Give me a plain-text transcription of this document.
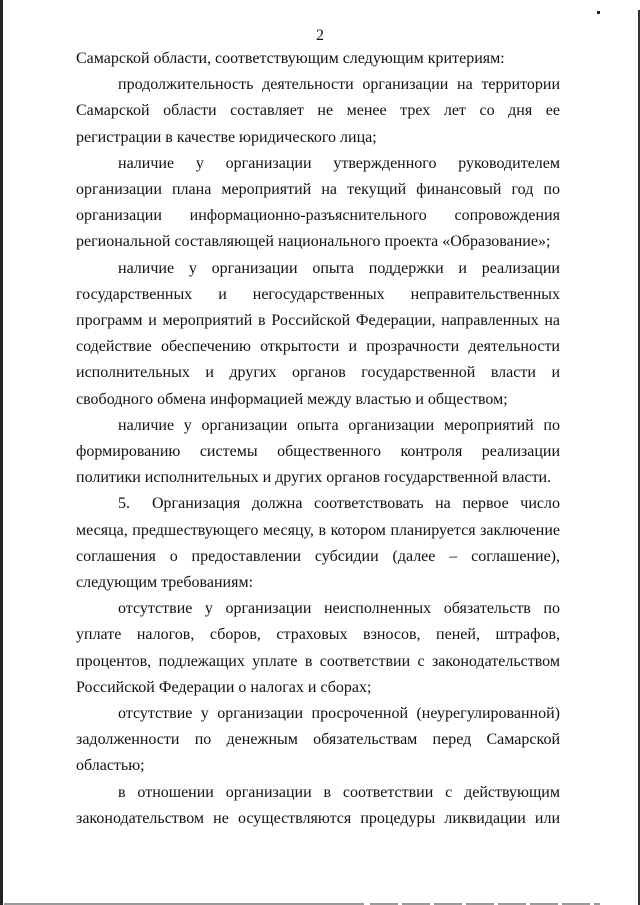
2

Самарской области, соответствующим следующим критериям:

продолжительность деятельности организации на территории Самарской области составляет не менее трех лет со дня ее регистрации в качестве юридического лица;

наличие у организации утвержденного руководителем организации плана мероприятий на текущий финансовый год по организации информационно-разъяснительного сопровождения региональной составляющей национального проекта «Образование»;

наличие у организации опыта поддержки и реализации государственных и негосударственных неправительственных программ и мероприятий в Российской Федерации, направленных на содействие обеспечению открытости и прозрачности деятельности исполнительных и других органов государственной власти и свободного обмена информацией между властью и обществом;

наличие у организации опыта организации мероприятий по формированию системы общественного контроля реализации политики исполнительных и других органов государственной власти.

5. Организация должна соответствовать на первое число месяца, предшествующего месяцу, в котором планируется заключение соглашения о предоставлении субсидии (далее – соглашение), следующим требованиям:

отсутствие у организации неисполненных обязательств по уплате налогов, сборов, страховых взносов, пеней, штрафов, процентов, подлежащих уплате в соответствии с законодательством Российской Федерации о налогах и сборах;

отсутствие у организации просроченной (неурегулированной) задолженности по денежным обязательствам перед Самарской областью;

в отношении организации в соответствии с действующим законодательством не осуществляются процедуры ликвидации или
